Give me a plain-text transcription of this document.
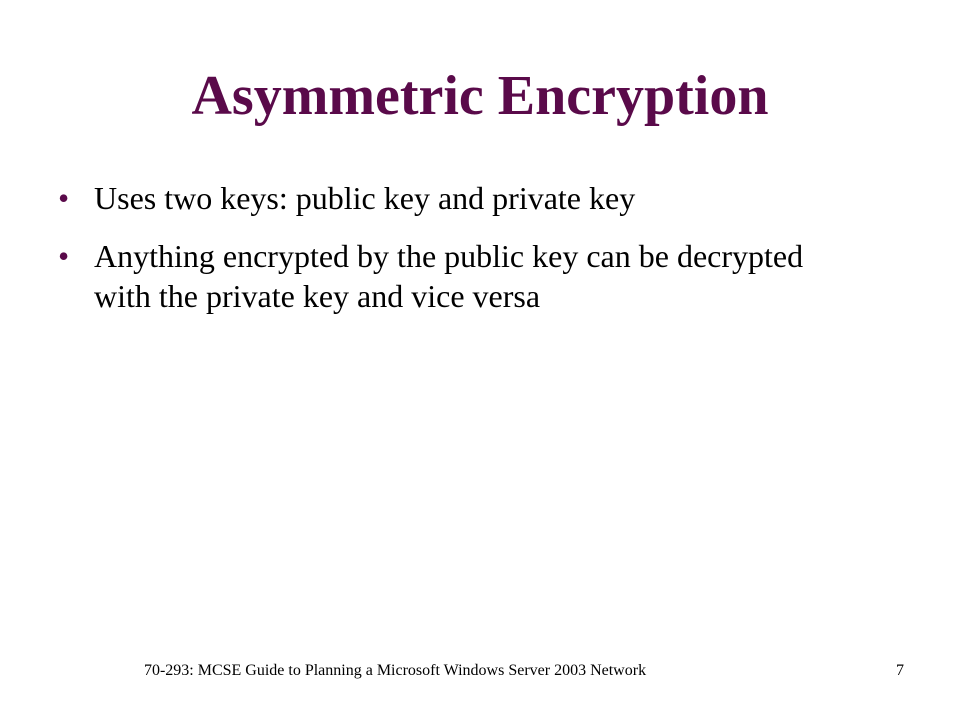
Asymmetric Encryption
• Uses two keys: public key and private key
• Anything encrypted by the public key can be decrypted with the private key and vice versa
70-293: MCSE Guide to Planning a Microsoft Windows Server 2003 Network	7
